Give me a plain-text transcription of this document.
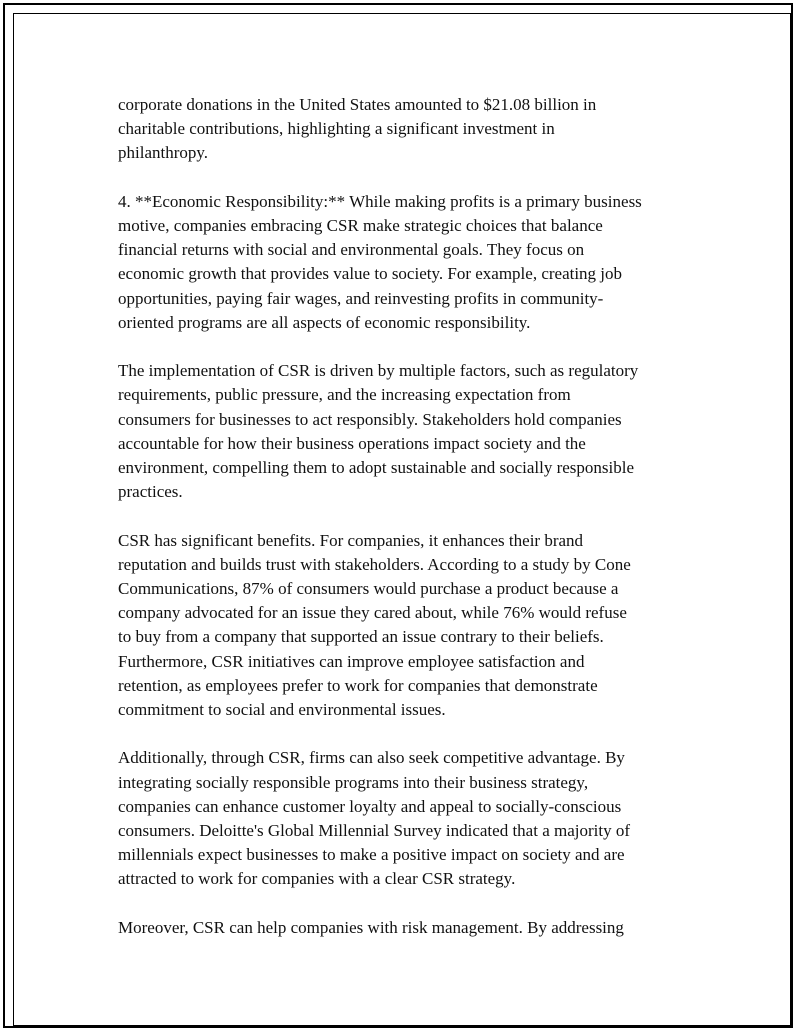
corporate donations in the United States amounted to $21.08 billion in
charitable contributions, highlighting a significant investment in
philanthropy.

4. **Economic Responsibility:** While making profits is a primary business
motive, companies embracing CSR make strategic choices that balance
financial returns with social and environmental goals. They focus on
economic growth that provides value to society. For example, creating job
opportunities, paying fair wages, and reinvesting profits in community-
oriented programs are all aspects of economic responsibility.

The implementation of CSR is driven by multiple factors, such as regulatory
requirements, public pressure, and the increasing expectation from
consumers for businesses to act responsibly. Stakeholders hold companies
accountable for how their business operations impact society and the
environment, compelling them to adopt sustainable and socially responsible
practices.

CSR has significant benefits. For companies, it enhances their brand
reputation and builds trust with stakeholders. According to a study by Cone
Communications, 87% of consumers would purchase a product because a
company advocated for an issue they cared about, while 76% would refuse
to buy from a company that supported an issue contrary to their beliefs.
Furthermore, CSR initiatives can improve employee satisfaction and
retention, as employees prefer to work for companies that demonstrate
commitment to social and environmental issues.

Additionally, through CSR, firms can also seek competitive advantage. By
integrating socially responsible programs into their business strategy,
companies can enhance customer loyalty and appeal to socially-conscious
consumers. Deloitte's Global Millennial Survey indicated that a majority of
millennials expect businesses to make a positive impact on society and are
attracted to work for companies with a clear CSR strategy.

Moreover, CSR can help companies with risk management. By addressing
